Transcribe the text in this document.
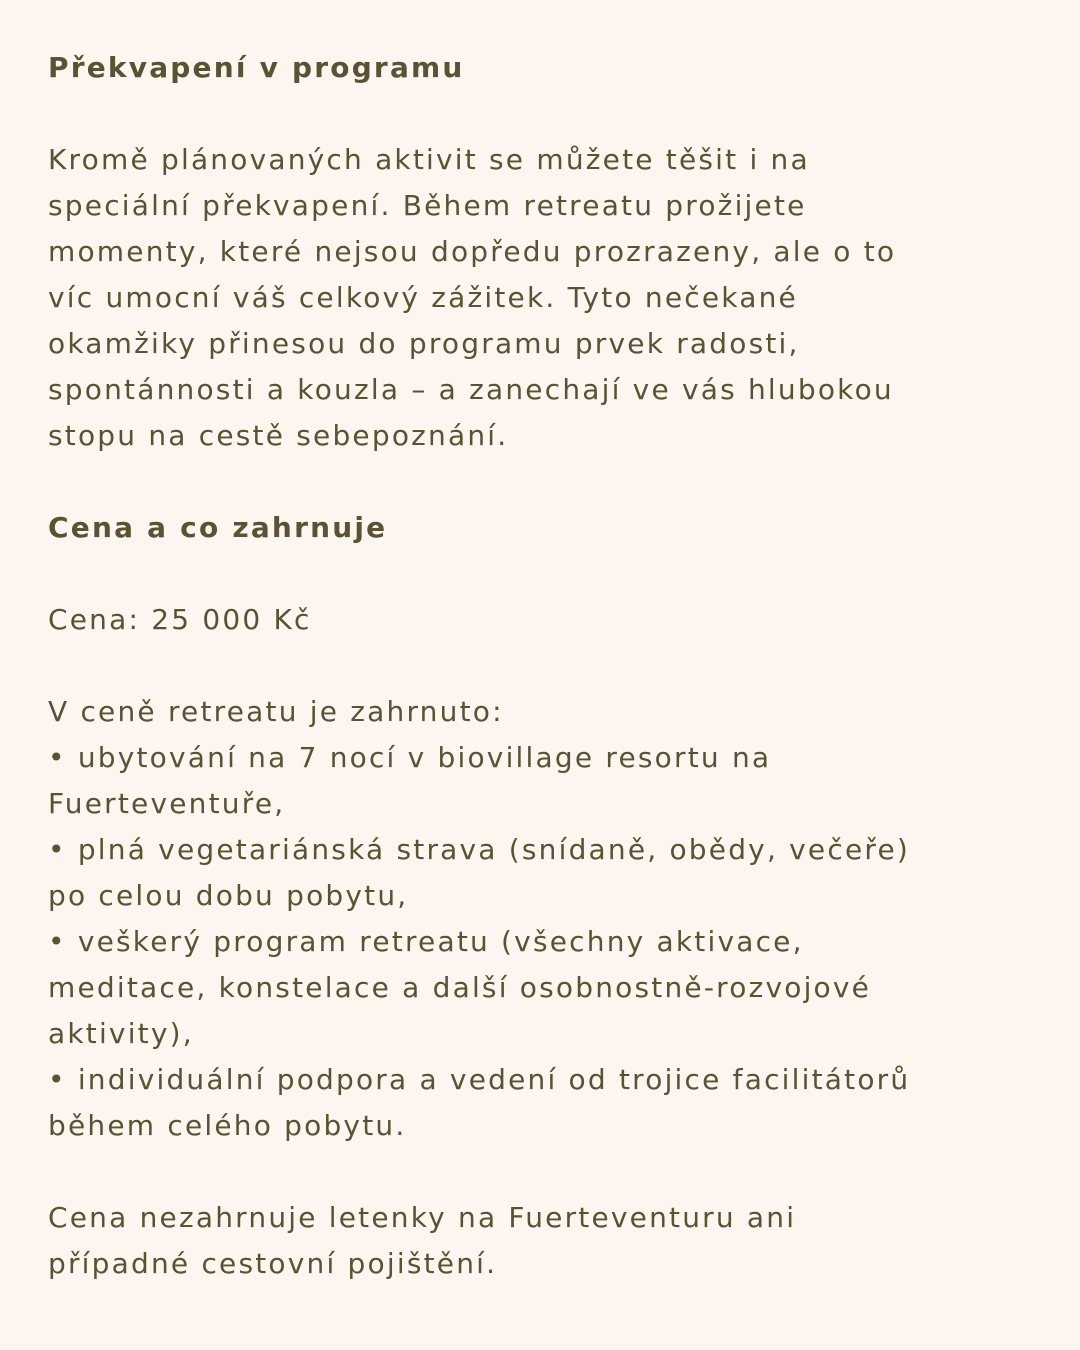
Překvapení v programu

Kromě plánovaných aktivit se můžete těšit i na
speciální překvapení. Během retreatu prožijete
momenty, které nejsou dopředu prozrazeny, ale o to
víc umocní váš celkový zážitek. Tyto nečekané
okamžiky přinesou do programu prvek radosti,
spontánnosti a kouzla – a zanechají ve vás hlubokou
stopu na cestě sebepoznání.

Cena a co zahrnuje

Cena: 25 000 Kč

V ceně retreatu je zahrnuto:
• ubytování na 7 nocí v biovillage resortu na
Fuerteventuře,
• plná vegetariánská strava (snídaně, obědy, večeře)
po celou dobu pobytu,
• veškerý program retreatu (všechny aktivace,
meditace, konstelace a další osobnostně-rozvojové
aktivity),
• individuální podpora a vedení od trojice facilitátorů
během celého pobytu.

Cena nezahrnuje letenky na Fuerteventuru ani
případné cestovní pojištění.
